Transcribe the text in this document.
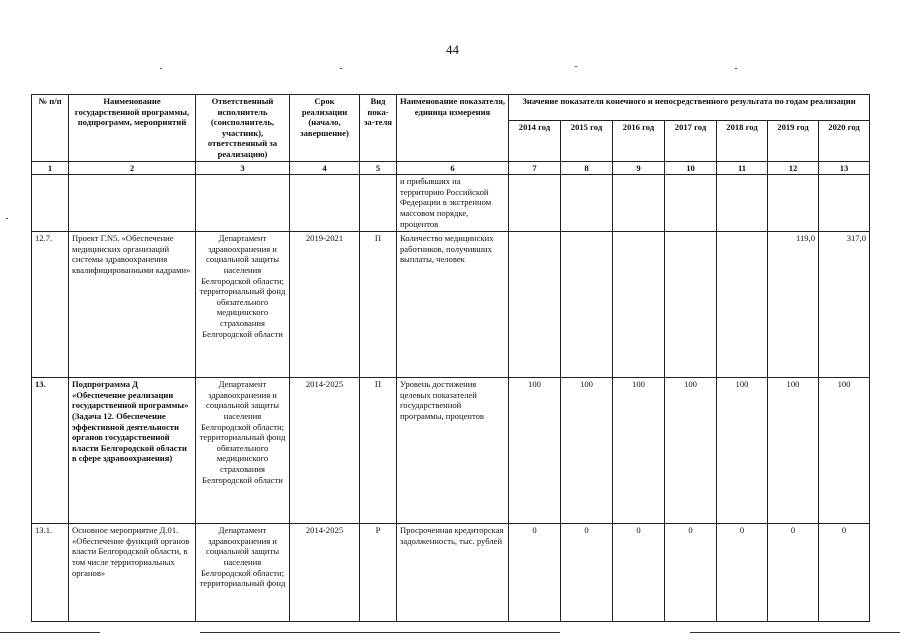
44
№ п/п	Наименование государственной программы, подпрограмм, мероприятий	Ответственный исполнитель (соисполнитель, участник), ответственный за реализацию)	Срок реализации (начало, завершение)	Вид пока-за-теля	Наименование показателя, единица измерения	Значение показателя конечного и непосредственного результата по годам реализации						
						2014 год	2015 год	2016 год	2017 год	2018 год	2019 год	2020 год
1	2	3	4	5	6	7	8	9	10	11	12	13
					и прибывших на территорию Российской Федерации в экстренном массовом порядке, процентов							
12.7.	Проект Г.N5. «Обеспечение медицинских организаций системы здравоохранения квалифицированными кадрами»	Департамент здравоохранения и социальной защиты населения Белгородской области; территориальный фонд обязательного медицинского страхования Белгородской области	2019-2021	П	Количество медицинских работников, получивших выплаты, человек						119,0	317,0
13.	Подпрограмма Д «Обеспечение реализации государственной программы» (Задача 12. Обеспечение эффективной деятельности органов государственной власти Белгородской области в сфере здравоохранения)	Департамент здравоохранения и социальной защиты населения Белгородской области; территориальный фонд обязательного медицинского страхования Белгородской области	2014-2025	П	Уровень достижения целевых показателей государственной программы, процентов	100	100	100	100	100	100	100
13.1.	Основное мероприятие Д.01. «Обеспечение функций органов власти Белгородской области, в том числе территориальных органов»	Департамент здравоохранения и социальной защиты населения Белгородской области; территориальный фонд	2014-2025	Р	Просроченная кредиторская задолженность, тыс. рублей	0	0	0	0	0	0	0
